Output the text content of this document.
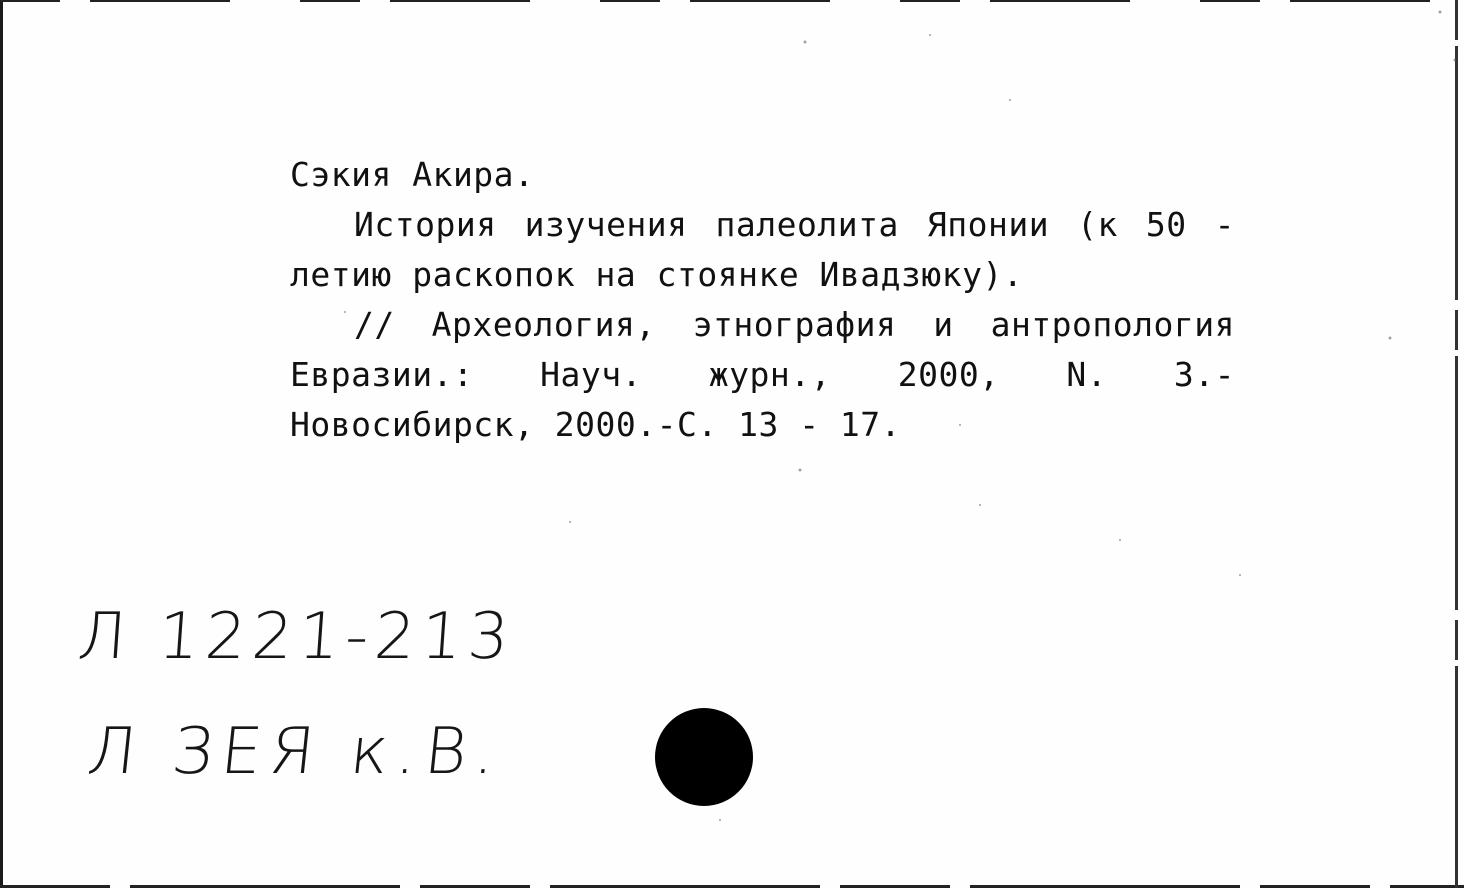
Сэкия Акира.

История изучения палеолита Японии (к 50 -

летию раскопок на стоянке Ивадзюку).

// Археология, этнография и антропология

Евразии.: Науч. журн., 2000, N. 3.-

Новосибирск, 2000.-С. 13 - 17.

Л 1221-213
Л ЗЕЯ к.В.
